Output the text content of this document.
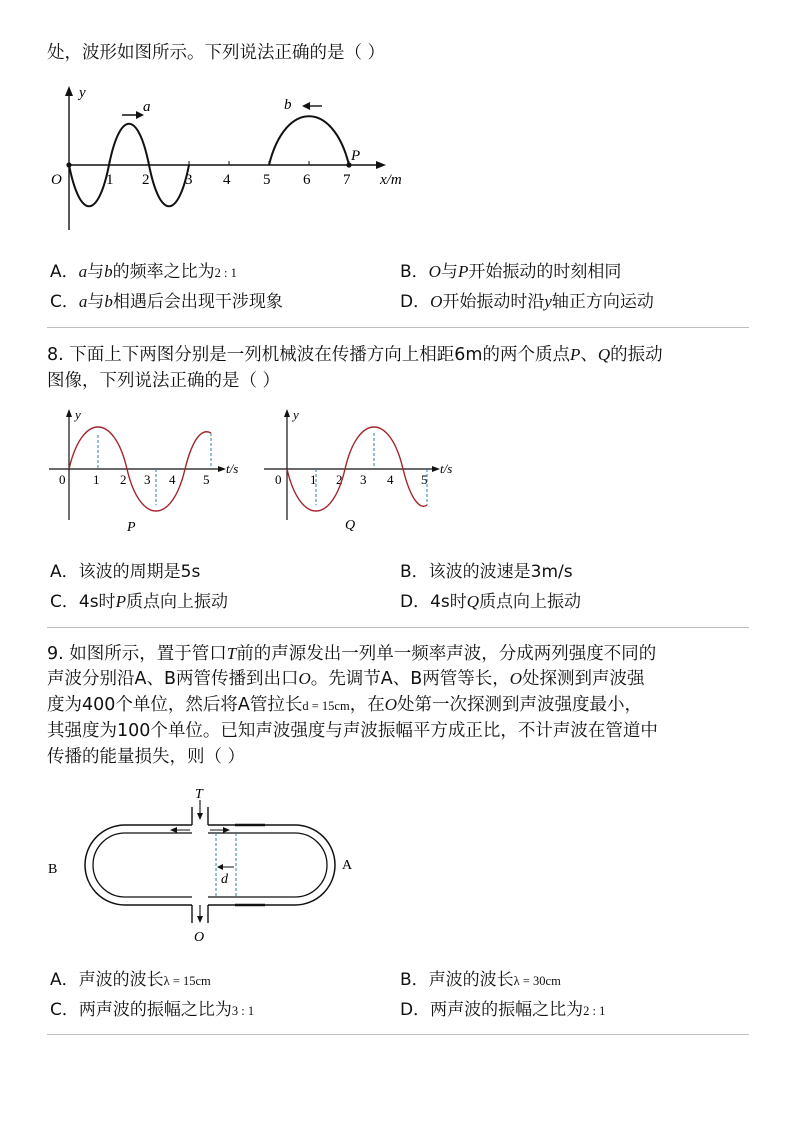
处，波形如图所示。下列说法正确的是（ ）
y
x/m
O	1 2 3 4 5 6 7
P
a	b
A．a与b的频率之比为2 : 1	B．O与P开始振动的时刻相同
C．a与b相遇后会出现干涉现象	D．O开始振动时沿y轴正方向运动
8. 下面上下两图分别是一列机械波在传播方向上相距6m的两个质点P、Q的振动
图像，下列说法正确的是（ ）
y
t/s
0 1 2 3 4 5
P
y
t/s
0 1 2 3 4 5
Q
A．该波的周期是5s	B．该波的波速是3m/s
C．4s时P质点向上振动	D．4s时Q质点向上振动
9. 如图所示，置于管口T前的声源发出一列单一频率声波，分成两列强度不同的
声波分别沿A、B两管传播到出口O。先调节A、B两管等长，O处探测到声波强
度为400个单位，然后将A管拉长d = 15cm，在O处第一次探测到声波强度最小，
其强度为100个单位。已知声波强度与声波振幅平方成正比，不计声波在管道中
传播的能量损失，则（ ）
T
O
d
A
B
A．声波的波长λ = 15cm	B．声波的波长λ = 30cm
C．两声波的振幅之比为3 : 1	D．两声波的振幅之比为2 : 1
